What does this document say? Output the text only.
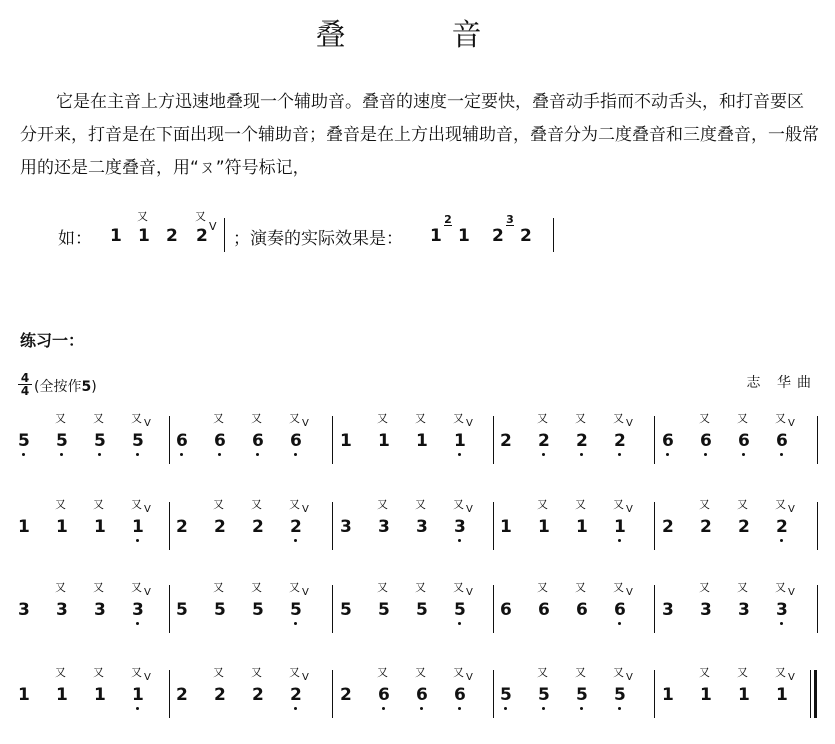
叠　音
它是在主音上方迅速地叠现一个辅助音。叠音的速度一定要快，叠音动手指而不动舌头，和打音要区分开来，打音是在下面出现一个辅助音；叠音是在上方出现辅助音，叠音分为二度叠音和三度叠音，一般常用的还是二度叠音，用“ㄡ”符号标记，
如： 1
又
1 2
又
2 V
；演奏的实际效果是： 1
2
1 2
3
2
练习一：
4
4 (全按作5)	志 华曲
5 5
又
5
又
5
又 V
6 6
又
6
又
6
又 V
1 1
又
1
又
1
又 V
2 2
又
2
又
2
又 V
6 6
又
6
又
6
又 V
1 1
又
1
又
1
又 V
2 2
又
2
又
2
又 V
3 3
又
3
又
3
又 V
1 1
又
1
又
1
又 V
2 2
又
2
又
2
又 V
3 3
又
3
又
3
又 V
5 5
又
5
又
5
又 V
5 5
又
5
又
5
又 V
6 6
又
6
又
6
又 V
3 3
又
3
又
3
又 V
1 1
又
1
又
1
又 V
2 2
又
2
又
2
又 V
2 6
又
6
又
6
又 V
5 5
又
5
又
5
又 V
1 1
又
1
又
1
又 V
